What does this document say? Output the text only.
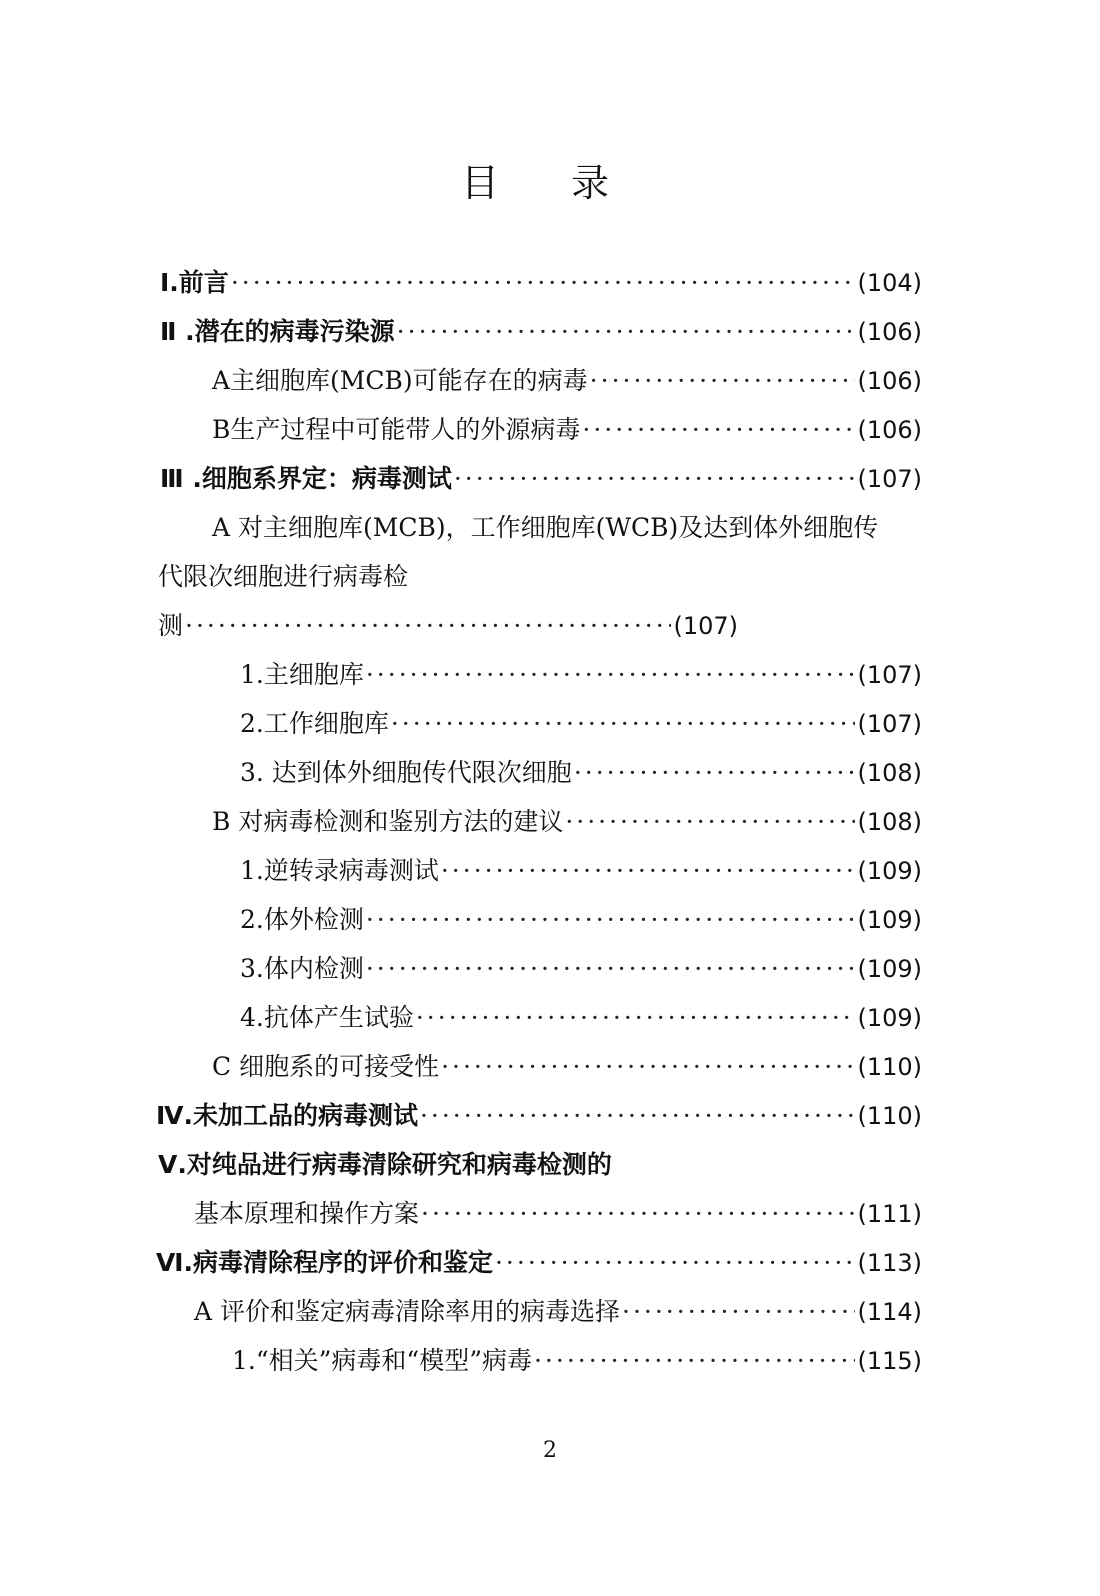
目 录
Ⅰ.前言 ·····	(104)
Ⅱ .潜在的病毒污染源 ·····	(106)
A主细胞库(MCB)可能存在的病毒 ·····	(106)
B生产过程中可能带人的外源病毒 ·····	(106)
Ⅲ .细胞系界定：病毒测试 ·····	(107)
A 对主细胞库(MCB)，工作细胞库(WCB)及达到体外细胞传
代限次细胞进行病毒检
测 ·····	(107)
1.主细胞库 ·····	(107)
2.工作细胞库 ·····	(107)
3. 达到体外细胞传代限次细胞 ·····	(108)
B 对病毒检测和鉴别方法的建议 ·····	(108)
1.逆转录病毒测试 ·····	(109)
2.体外检测 ·····	(109)
3.体内检测 ·····	(109)
4.抗体产生试验 ·····	(109)
C 细胞系的可接受性 ·····	(110)
Ⅳ.未加工品的病毒测试 ·····	(110)
Ⅴ.对纯品进行病毒清除研究和病毒检测的
基本原理和操作方案 ·····	(111)
Ⅵ.病毒清除程序的评价和鉴定 ·····	(113)
A 评价和鉴定病毒清除率用的病毒选择 ·····	(114)
1.“相关”病毒和“模型”病毒 ·····	(115)
2
